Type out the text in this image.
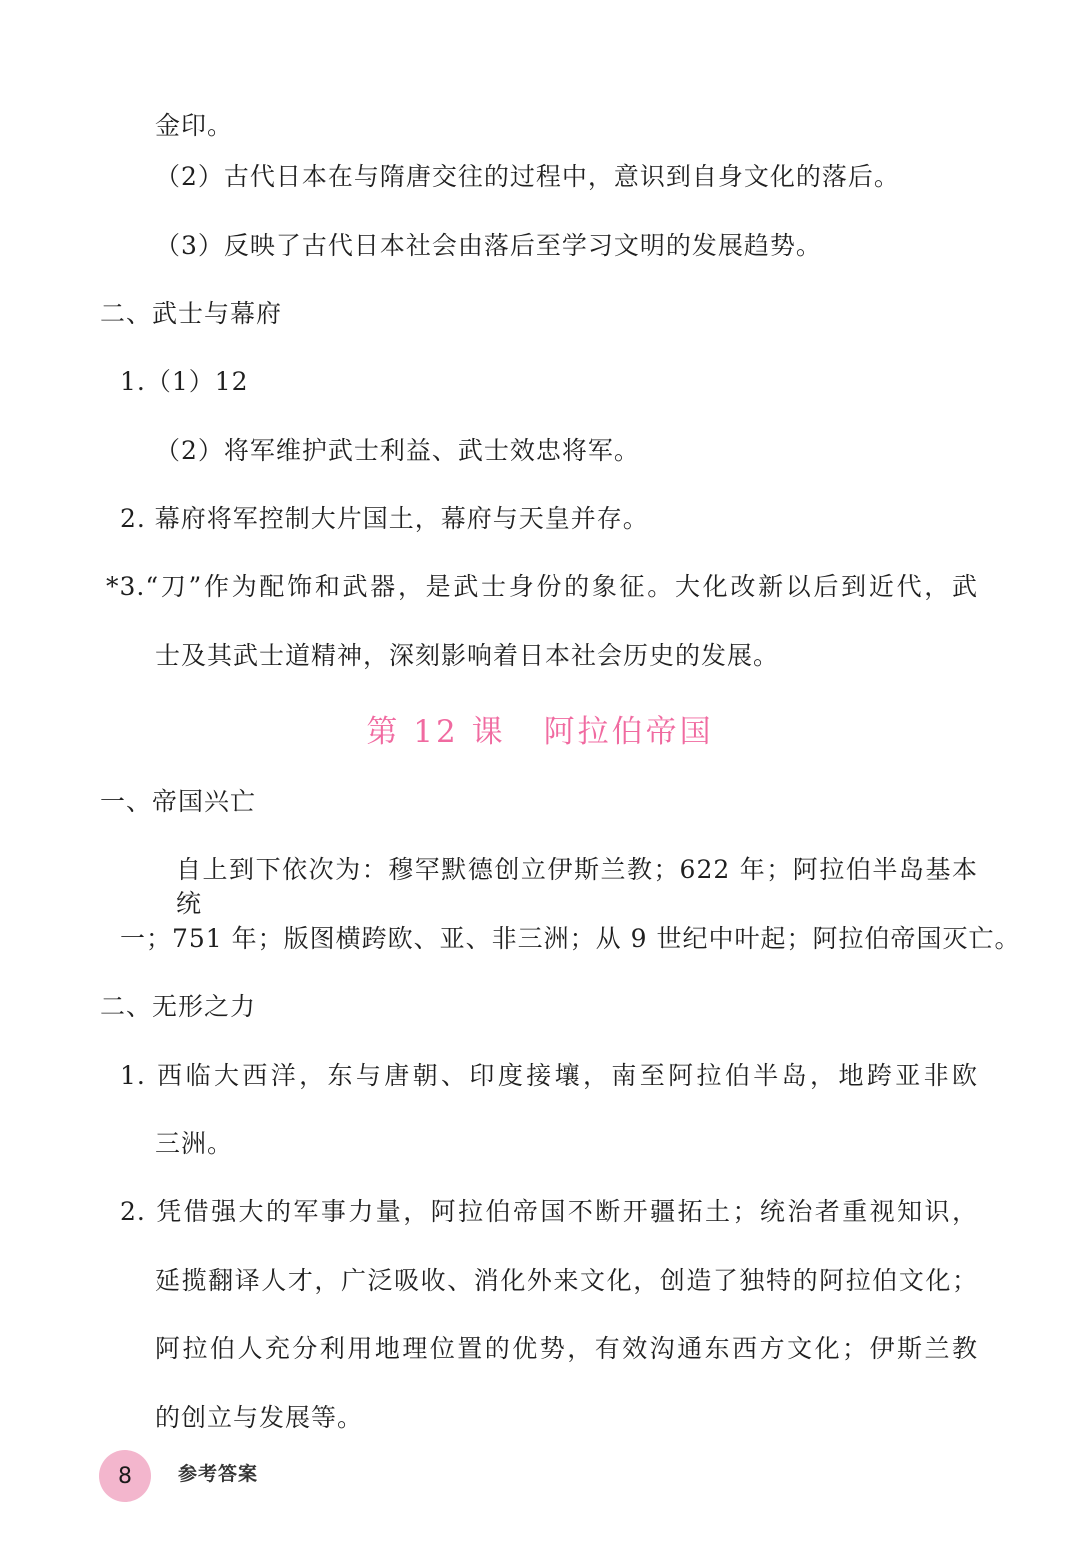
金印。
（2）古代日本在与隋唐交往的过程中，意识到自身文化的落后。
（3）反映了古代日本社会由落后至学习文明的发展趋势。
二、武士与幕府
1.（1）12
（2）将军维护武士利益、武士效忠将军。
2. 幕府将军控制大片国土，幕府与天皇并存。
*3.“刀”作为配饰和武器，是武士身份的象征。大化改新以后到近代，武
士及其武士道精神，深刻影响着日本社会历史的发展。
第 12 课 阿拉伯帝国
一、帝国兴亡
自上到下依次为：穆罕默德创立伊斯兰教；622 年；阿拉伯半岛基本统
一；751 年；版图横跨欧、亚、非三洲；从 9 世纪中叶起；阿拉伯帝国灭亡。
二、无形之力
1. 西临大西洋，东与唐朝、印度接壤，南至阿拉伯半岛，地跨亚非欧
三洲。
2. 凭借强大的军事力量，阿拉伯帝国不断开疆拓土；统治者重视知识，
延揽翻译人才，广泛吸收、消化外来文化，创造了独特的阿拉伯文化；
阿拉伯人充分利用地理位置的优势，有效沟通东西方文化；伊斯兰教
的创立与发展等。
8	参考答案
